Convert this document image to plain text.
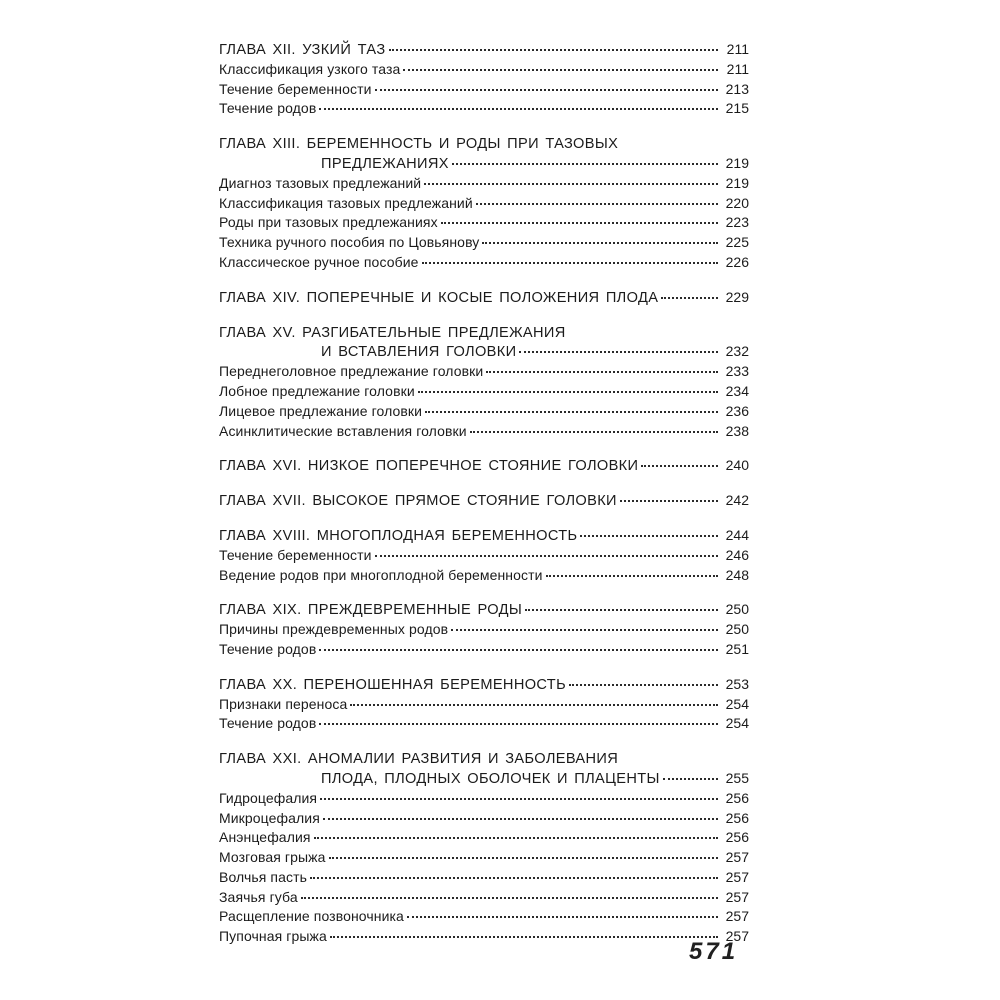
ГЛАВА XII. УЗКИЙ ТАЗ	211
Классификация узкого таза	211
Течение беременности	213
Течение родов	215
ГЛАВА XIII. БЕРЕМЕННОСТЬ И РОДЫ ПРИ ТАЗОВЫХ
ПРЕДЛЕЖАНИЯХ	219
Диагноз тазовых предлежаний	219
Классификация тазовых предлежаний	220
Роды при тазовых предлежаниях	223
Техника ручного пособия по Цовьянову	225
Классическое ручное пособие	226
ГЛАВА XIV. ПОПЕРЕЧНЫЕ И КОСЫЕ ПОЛОЖЕНИЯ ПЛОДА	229
ГЛАВА XV. РАЗГИБАТЕЛЬНЫЕ ПРЕДЛЕЖАНИЯ
И ВСТАВЛЕНИЯ ГОЛОВКИ	232
Переднеголовное предлежание головки	233
Лобное предлежание головки	234
Лицевое предлежание головки	236
Асинклитические вставления головки	238
ГЛАВА XVI. НИЗКОЕ ПОПЕРЕЧНОЕ СТОЯНИЕ ГОЛОВКИ	240
ГЛАВА XVII. ВЫСОКОЕ ПРЯМОЕ СТОЯНИЕ ГОЛОВКИ	242
ГЛАВА XVIII. МНОГОПЛОДНАЯ БЕРЕМЕННОСТЬ	244
Течение беременности	246
Ведение родов при многоплодной беременности	248
ГЛАВА XIX. ПРЕЖДЕВРЕМЕННЫЕ РОДЫ	250
Причины преждевременных родов	250
Течение родов	251
ГЛАВА XX. ПЕРЕНОШЕННАЯ БЕРЕМЕННОСТЬ	253
Признаки переноса	254
Течение родов	254
ГЛАВА XXI. АНОМАЛИИ РАЗВИТИЯ И ЗАБОЛЕВАНИЯ
ПЛОДА, ПЛОДНЫХ ОБОЛОЧЕК И ПЛАЦЕНТЫ	255
Гидроцефалия	256
Микроцефалия	256
Анэнцефалия	256
Мозговая грыжа	257
Волчья пасть	257
Заячья губа	257
Расщепление позвоночника	257
Пупочная грыжа	257
571
